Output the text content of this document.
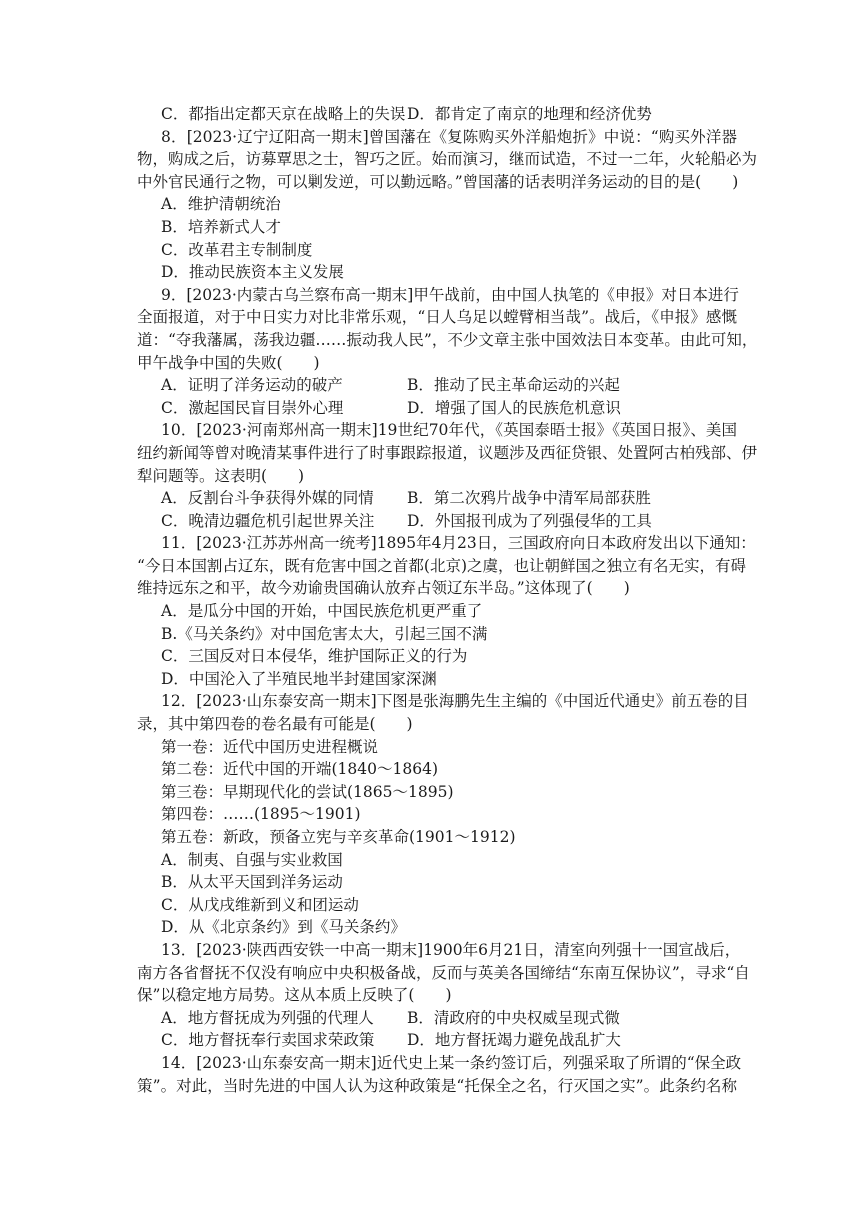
C．都指出定都天京在战略上的失误 D．都肯定了南京的地理和经济优势
8．[2023·辽宁辽阳高一期末]曾国藩在《复陈购买外洋船炮折》中说：“购买外洋器
物，购成之后，访募覃思之士，智巧之匠。始而演习，继而试造，不过一二年，火轮船必为
中外官民通行之物，可以剿发逆，可以勤远略。”曾国藩的话表明洋务运动的目的是(　　)
A．维护清朝统治
B．培养新式人才
C．改革君主专制制度
D．推动民族资本主义发展
9．[2023·内蒙古乌兰察布高一期末]甲午战前，由中国人执笔的《申报》对日本进行
全面报道，对于中日实力对比非常乐观，“日人乌足以螳臂相当哉”。战后，《申报》感慨
道：“夺我藩属，荡我边疆……振动我人民”，不少文章主张中国效法日本变革。由此可知，
甲午战争中国的失败(　　)
A．证明了洋务运动的破产	B．推动了民主革命运动的兴起
C．激起国民盲目崇外心理	D．增强了国人的民族危机意识
10．[2023·河南郑州高一期末]19世纪70年代，《英国泰晤士报》《英国日报》、美国
纽约新闻等曾对晚清某事件进行了时事跟踪报道，议题涉及西征贷银、处置阿古柏残部、伊
犁问题等。这表明(　　)
A．反割台斗争获得外媒的同情	B．第二次鸦片战争中清军局部获胜
C．晚清边疆危机引起世界关注	D．外国报刊成为了列强侵华的工具
11．[2023·江苏苏州高一统考]1895年4月23日，三国政府向日本政府发出以下通知：
“今日本国割占辽东，既有危害中国之首都(北京)之虞，也让朝鲜国之独立有名无实，有碍
维持远东之和平，故今劝谕贵国确认放弃占领辽东半岛。”这体现了(　　)
A．是瓜分中国的开始，中国民族危机更严重了
B.《马关条约》对中国危害太大，引起三国不满
C．三国反对日本侵华，维护国际正义的行为
D．中国沦入了半殖民地半封建国家深渊
12．[2023·山东泰安高一期末]下图是张海鹏先生主编的《中国近代通史》前五卷的目
录，其中第四卷的卷名最有可能是(　　)
第一卷：近代中国历史进程概说
第二卷：近代中国的开端(1840～1864)
第三卷：早期现代化的尝试(1865～1895)
第四卷：……(1895～1901)
第五卷：新政，预备立宪与辛亥革命(1901～1912)
A．制夷、自强与实业救国
B．从太平天国到洋务运动
C．从戊戌维新到义和团运动
D．从《北京条约》到《马关条约》
13．[2023·陕西西安铁一中高一期末]1900年6月21日，清室向列强十一国宣战后，
南方各省督抚不仅没有响应中央积极备战，反而与英美各国缔结“东南互保协议”，寻求“自
保”以稳定地方局势。这从本质上反映了(　　)
A．地方督抚成为列强的代理人	B．清政府的中央权威呈现式微
C．地方督抚奉行卖国求荣政策	D．地方督抚竭力避免战乱扩大
14．[2023·山东泰安高一期末]近代史上某一条约签订后，列强采取了所谓的“保全政
策”。对此，当时先进的中国人认为这种政策是“托保全之名，行灭国之实”。此条约名称
